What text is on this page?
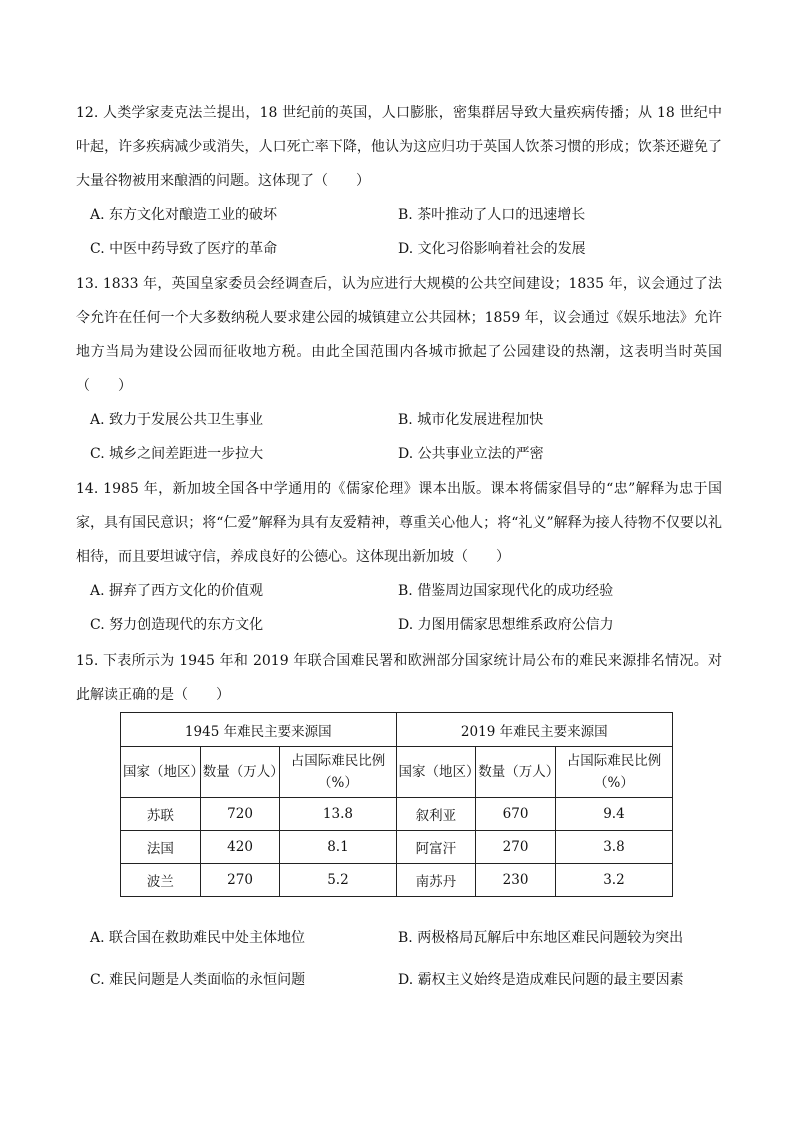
12. 人类学家麦克法兰提出，18 世纪前的英国，人口膨胀，密集群居导致大量疾病传播；从 18 世纪中叶起，许多疾病减少或消失，人口死亡率下降，他认为这应归功于英国人饮茶习惯的形成；饮茶还避免了大量谷物被用来酿酒的问题。这体现了（　　）

A. 东方文化对酿造工业的破坏	B. 茶叶推动了人口的迅速增长
C. 中医中药导致了医疗的革命	D. 文化习俗影响着社会的发展

13. 1833 年，英国皇家委员会经调查后，认为应进行大规模的公共空间建设；1835 年，议会通过了法令允许在任何一个大多数纳税人要求建公园的城镇建立公共园林；1859 年，议会通过《娱乐地法》允许地方当局为建设公园而征收地方税。由此全国范围内各城市掀起了公园建设的热潮，这表明当时英国（　　）

A. 致力于发展公共卫生事业	B. 城市化发展进程加快
C. 城乡之间差距进一步拉大	D. 公共事业立法的严密

14. 1985 年，新加坡全国各中学通用的《儒家伦理》课本出版。课本将儒家倡导的“忠”解释为忠于国家，具有国民意识；将“仁爱”解释为具有友爱精神，尊重关心他人；将“礼义”解释为接人待物不仅要以礼相待，而且要坦诚守信，养成良好的公德心。这体现出新加坡（　　）

A. 摒弃了西方文化的价值观	B. 借鉴周边国家现代化的成功经验
C. 努力创造现代的东方文化	D. 力图用儒家思想维系政府公信力

15. 下表所示为 1945 年和 2019 年联合国难民署和欧洲部分国家统计局公布的难民来源排名情况。对此解读正确的是（　　）

1945 年难民主要来源国			2019 年难民主要来源国		
国家（地区）	数量（万人）	占国际难民比例（%）	国家（地区）	数量（万人）	占国际难民比例（%）
苏联	720	13.8	叙利亚	670	9.4
法国	420	8.1	阿富汗	270	3.8
波兰	270	5.2	南苏丹	230	3.2
A. 联合国在救助难民中处主体地位	B. 两极格局瓦解后中东地区难民问题较为突出
C. 难民问题是人类面临的永恒问题	D. 霸权主义始终是造成难民问题的最主要因素
